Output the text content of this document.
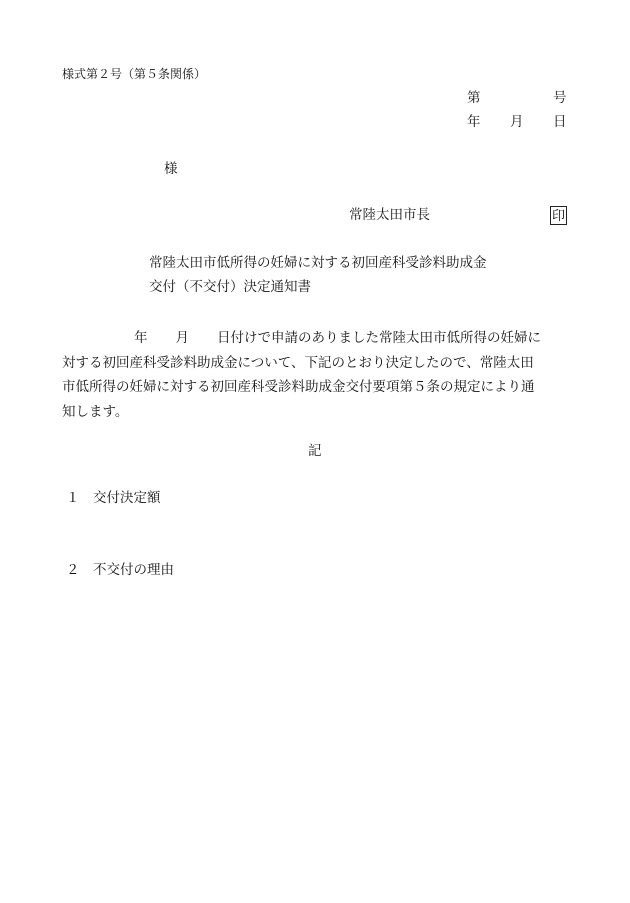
様式第２号（第５条関係）
第	号
年 月 日
様
常陸太田市長	印
常陸太田市低所得の妊婦に対する初回産科受診料助成金
交付（不交付）決定通知書
年 月 日付けで申請のありました常陸太田市低所得の妊婦に
対する初回産科受診料助成金について、下記のとおり決定したので、常陸太田
市低所得の妊婦に対する初回産科受診料助成金交付要項第５条の規定により通
知します。
記
１ 交付決定額
２ 不交付の理由
